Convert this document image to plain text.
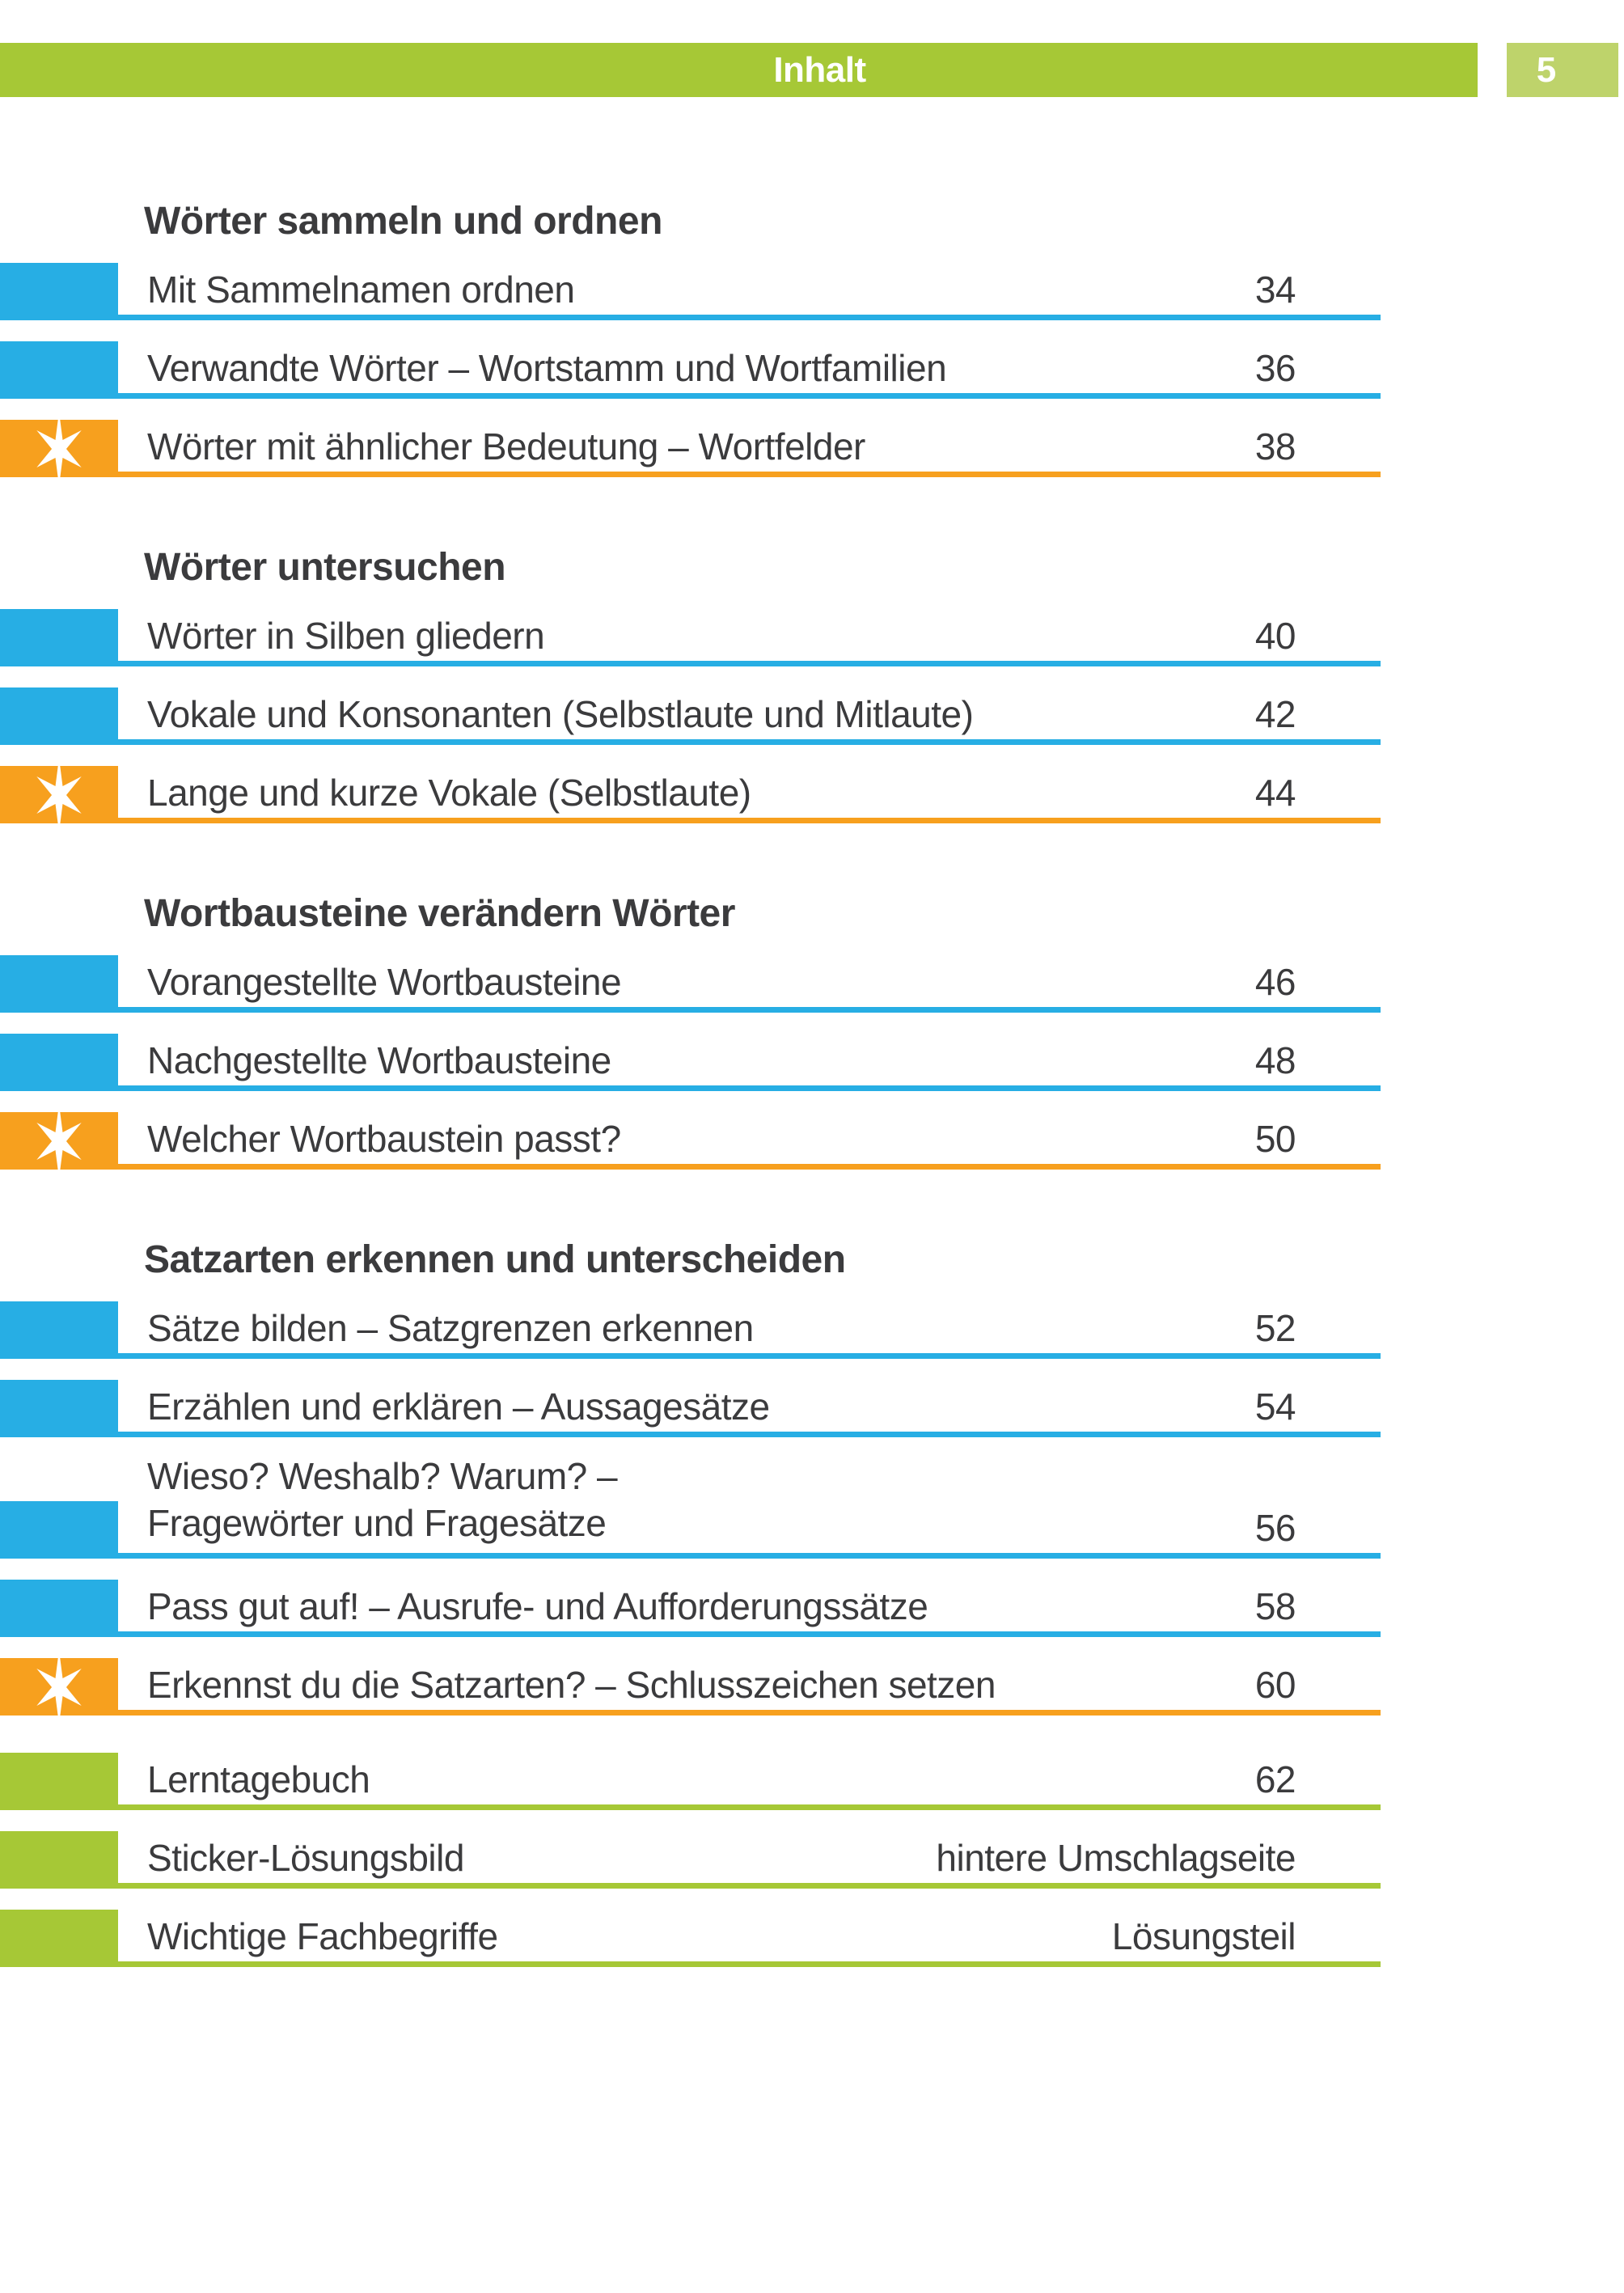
Inhalt	5
Wörter sammeln und ordnen
Mit Sammelnamen ordnen	34
Verwandte Wörter – Wortstamm und Wortfamilien	36
Wörter mit ähnlicher Bedeutung – Wortfelder	38
Wörter untersuchen
Wörter in Silben gliedern	40
Vokale und Konsonanten (Selbstlaute und Mitlaute)	42
Lange und kurze Vokale (Selbstlaute)	44
Wortbausteine verändern Wörter
Vorangestellte Wortbausteine	46
Nachgestellte Wortbausteine	48
Welcher Wortbaustein passt?	50
Satzarten erkennen und unterscheiden
Sätze bilden – Satzgrenzen erkennen	52
Erzählen und erklären – Aussagesätze	54
Wieso? Weshalb? Warum? –
Fragewörter und Fragesätze	56
Pass gut auf! – Ausrufe- und Aufforderungssätze	58
Erkennst du die Satzarten? – Schlusszeichen setzen	60
Lerntagebuch	62
Sticker-Lösungsbild	hintere Umschlagseite
Wichtige Fachbegriffe	Lösungsteil
